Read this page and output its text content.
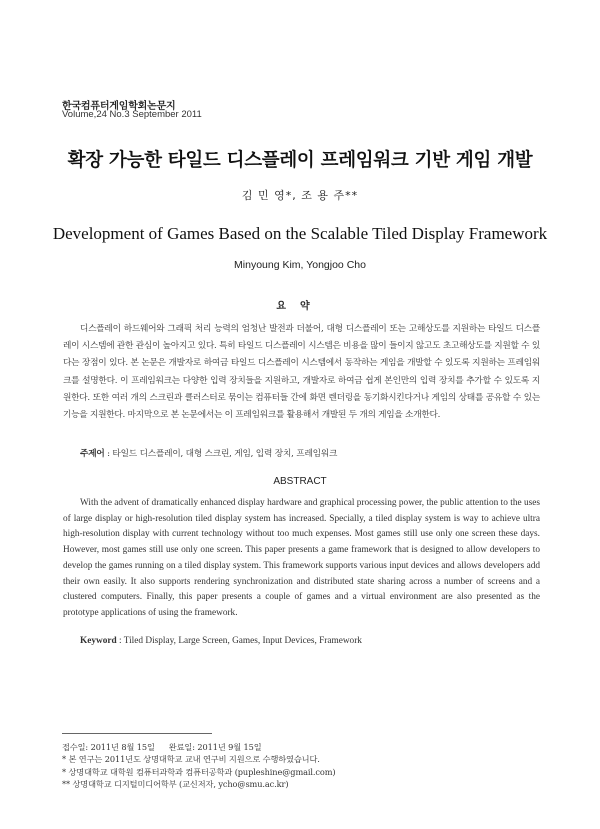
한국컴퓨터게임학회논문지
Volume,24 No.3 September 2011
확장 가능한 타일드 디스플레이 프레임워크 기반 게임 개발
김 민 영*, 조 용 주**
Development of Games Based on the Scalable Tiled Display Framework
Minyoung Kim, Yongjoo Cho
요약

디스플레이 하드웨어와 그래픽 처리 능력의 엄청난 발전과 더불어, 대형 디스플레이 또는 고해상도를 지원하는 타일드 디스플레이 시스템에 관한 관심이 높아지고 있다. 특히 타일드 디스플레이 시스템은 비용을 많이 들이지 않고도 초고해상도를 지원할 수 있다는 장점이 있다. 본 논문은 개발자로 하여금 타일드 디스플레이 시스템에서 동작하는 게임을 개발할 수 있도록 지원하는 프레임워크를 설명한다. 이 프레임워크는 다양한 입력 장치들을 지원하고, 개발자로 하여금 쉽게 본인만의 입력 장치를 추가할 수 있도록 지원한다. 또한 여러 개의 스크린과 클러스터로 묶이는 컴퓨터들 간에 화면 렌더링을 동기화시킨다거나 게임의 상태를 공유할 수 있는 기능을 지원한다. 마지막으로 본 논문에서는 이 프레임워크를 활용해서 개발된 두 개의 게임을 소개한다.

주제어 : 타일드 디스플레이, 대형 스크린, 게임, 입력 장치, 프레임워크
ABSTRACT

With the advent of dramatically enhanced display hardware and graphical processing power, the public attention to the uses of large display or high-resolution tiled display system has increased. Specially, a tiled display system is way to achieve ultra high-resolution display with current technology without too much expenses. Most games still use only one screen these days. However, most games still use only one screen. This paper presents a game framework that is designed to allow developers to develop the games running on a tiled display system. This framework supports various input devices and allows developers add their own easily. It also supports rendering synchronization and distributed state sharing across a number of screens and a clustered computers. Finally, this paper presents a couple of games and a virtual environment are also presented as the prototype applications of using the framework.

Keyword : Tiled Display, Large Screen, Games, Input Devices, Framework
접수일: 2011년 8월 15일 완료일: 2011년 9월 15일
* 본 연구는 2011년도 상명대학교 교내 연구비 지원으로 수행하였습니다.
* 상명대학교 대학원 컴퓨터과학과 컴퓨터공학과 (pupleshine@gmail.com)
** 상명대학교 디지털미디어학부 (교신저자, ycho@smu.ac.kr)
